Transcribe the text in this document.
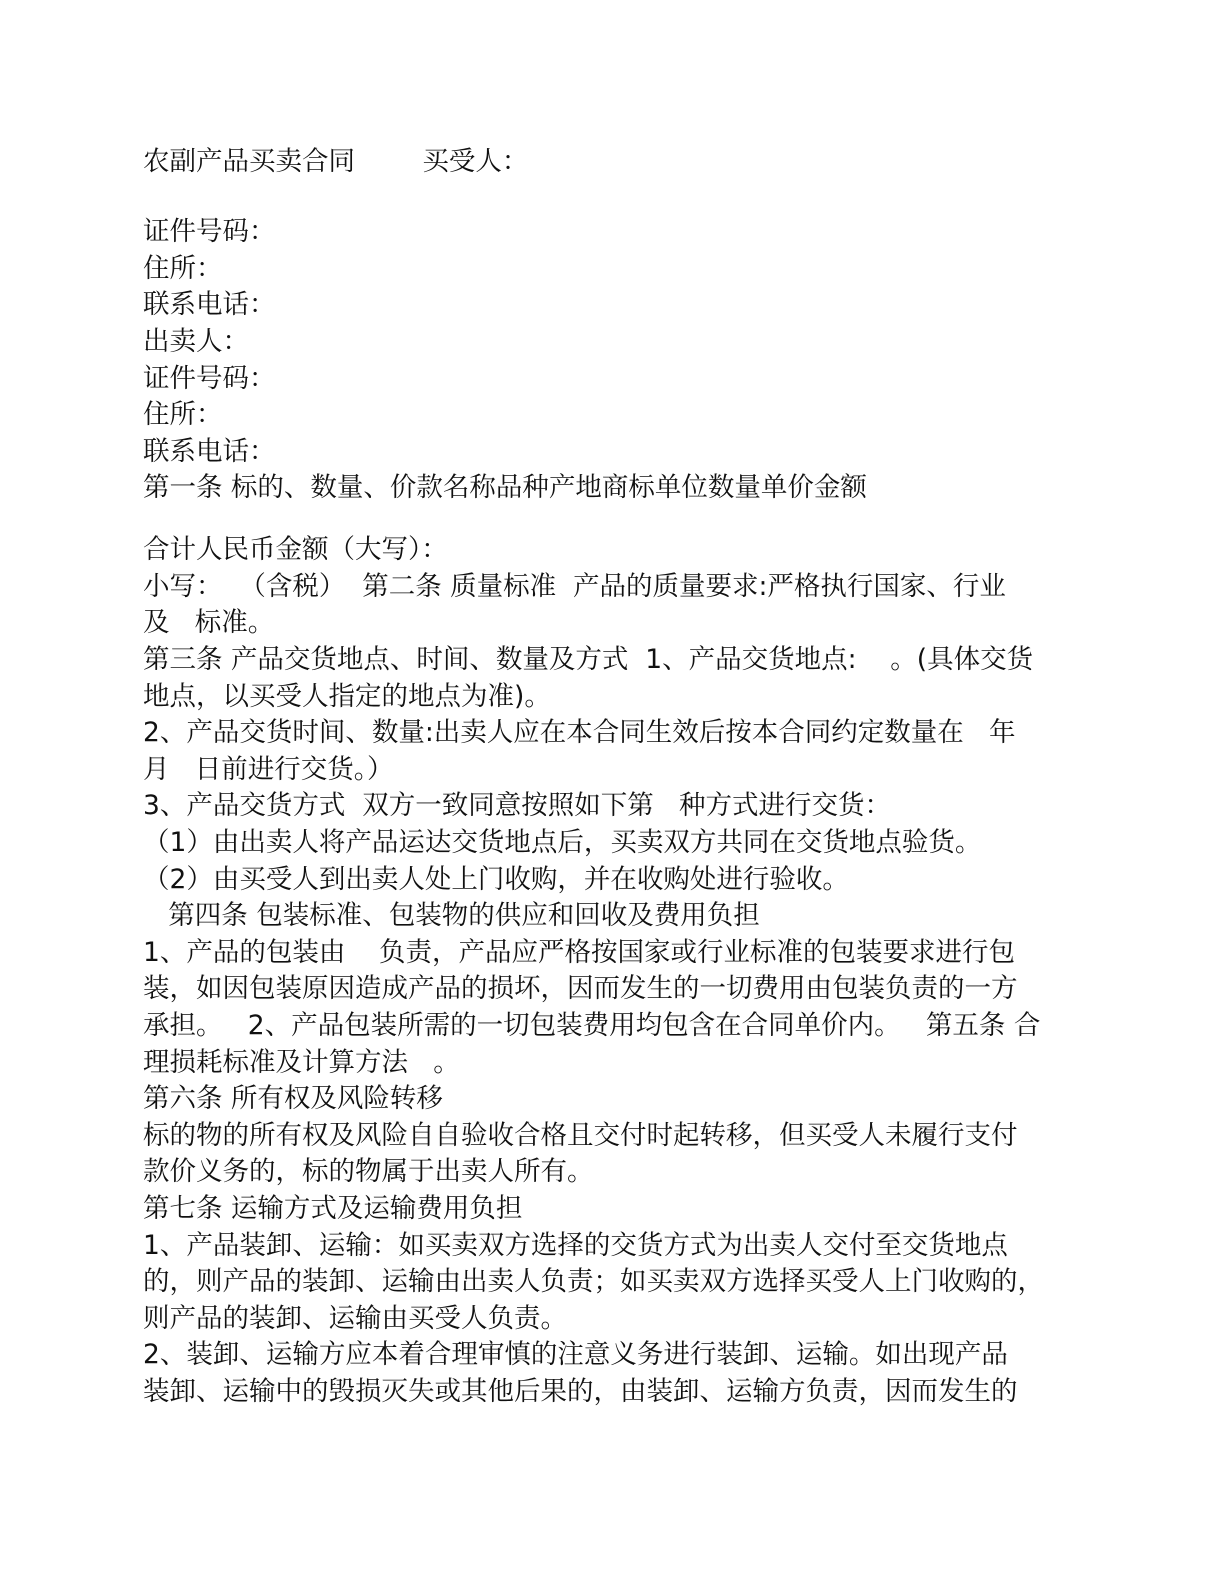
农副产品买卖合同        买受人：

证件号码：

住所：

联系电话：

出卖人：

证件号码：

住所：

联系电话：

第一条 标的、数量、价款名称品种产地商标单位数量单价金额

合计人民币金额（大写）：

小写：  （含税）  第二条 质量标准  产品的质量要求:严格执行国家、行业

及   标准。

第三条 产品交货地点、时间、数量及方式  1、产品交货地点:    。(具体交货

地点，以买受人指定的地点为准)。

2、产品交货时间、数量:出卖人应在本合同生效后按本合同约定数量在   年

月   日前进行交货。）

3、产品交货方式  双方一致同意按照如下第   种方式进行交货：

（1）由出卖人将产品运达交货地点后，买卖双方共同在交货地点验货。

（2）由买受人到出卖人处上门收购，并在收购处进行验收。

第四条 包装标准、包装物的供应和回收及费用负担

1、产品的包装由    负责，产品应严格按国家或行业标准的包装要求进行包

装，如因包装原因造成产品的损坏，因而发生的一切费用由包装负责的一方

承担。   2、产品包装所需的一切包装费用均包含在合同单价内。   第五条 合

理损耗标准及计算方法   。

第六条 所有权及风险转移

标的物的所有权及风险自自验收合格且交付时起转移，但买受人未履行支付

款价义务的，标的物属于出卖人所有。

第七条 运输方式及运输费用负担

1、产品装卸、运输：如买卖双方选择的交货方式为出卖人交付至交货地点

的，则产品的装卸、运输由出卖人负责；如买卖双方选择买受人上门收购的，

则产品的装卸、运输由买受人负责。

2、装卸、运输方应本着合理审慎的注意义务进行装卸、运输。如出现产品

装卸、运输中的毁损灭失或其他后果的，由装卸、运输方负责，因而发生的
